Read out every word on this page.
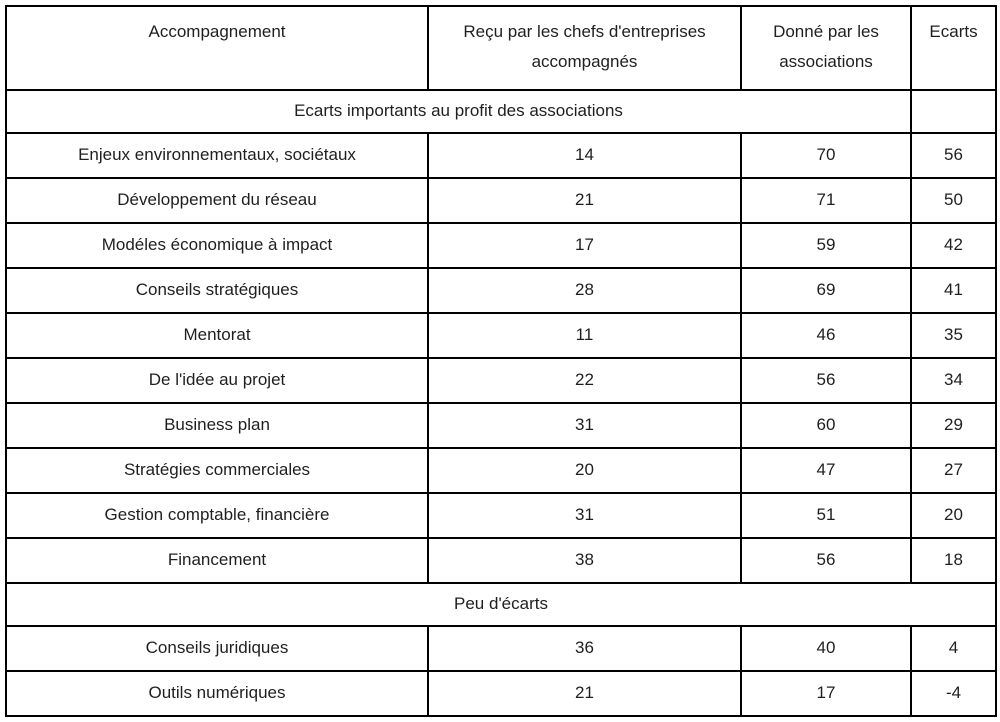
Accompagnement	Reçu par les chefs d'entreprises accompagnés	Donné par les associations	Ecarts
Ecarts importants au profit des associations			
Enjeux environnementaux, sociétaux	14	70	56
Développement du réseau	21	71	50
Modéles économique à impact	17	59	42
Conseils stratégiques	28	69	41
Mentorat	11	46	35
De l'idée au projet	22	56	34
Business plan	31	60	29
Stratégies commerciales	20	47	27
Gestion comptable, financière	31	51	20
Financement	38	56	18
Peu d'écarts			
Conseils juridiques	36	40	4
Outils numériques	21	17	-4
